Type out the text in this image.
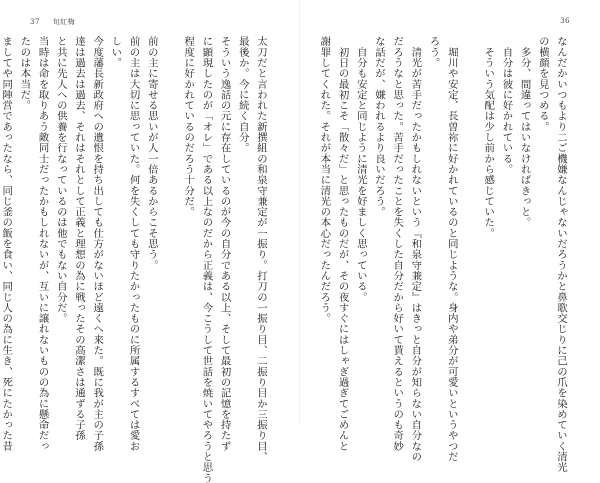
37 旬紅梅
太刀だと言われた新撰組の和泉守兼定が一振り。打刀の一振り目、二振り目か三振り目、
最後か。今に続く自分。
そういう逸話の元に存在しているのが今の自分である以上、そして最初の記憶を持たず
に顕現したのが「オレ」である以上なのだから正義は、今こうして世話を焼いてやろうと思う
程度に好かれているのだろう十分だ。

前の主に寄せる思いが人一倍あるからこそ思う。
前の主は大切に思っていた。何を失くしても守りたかったものに所属するすべては愛お
しい。
今度藩長新政府への遺恨を持ち出しても仕方がないほど遠くへ来た。既に我が主の子孫
達は過去は過去、それはそれとして正義と理想の為に戦ったその高潔さは通ずる子孫
と共に先人への供養を行なっているのは他でもない自分だ。
当時は命を取りあう敵同士だったかもしれないが、互いに譲れないものの為に懸命だっ
たのは本当だ。
ましてや同陣営であったなら、同じ釜の飯を食い、同じ人の為に生き、死にたかった昔
36
なんだかいつもより二ご機嫌なんじゃないだろうかと鼻歌交じりに己の爪を染めていく清光
の横顔を見つめる。
　多分、間違ってはいなければきっと。
　自分は彼に好かれている。
　そういう気配は少し前から感じていた。

　堀川や安定、長曽祢に好かれているのと同じような。身内や弟分が可愛いというやつだ
ろう。
　清光が苦手だったかもしれないという『和泉守兼定』はきっと自分が知らない自分なの
だろうなと思った。苦手だったことを失くした自分だから好いて貰えるというのも奇妙
な話だが、嫌われるより良いだろう。
　自分も安定と同じように清光を好ましく思っている。
　初日の最初こそ「散々だ」と思ったものだが、その夜すぐにはしゃぎ過ぎてごめんと
謝罪してくれた。それが本当に清光の本心だったんだろう。
